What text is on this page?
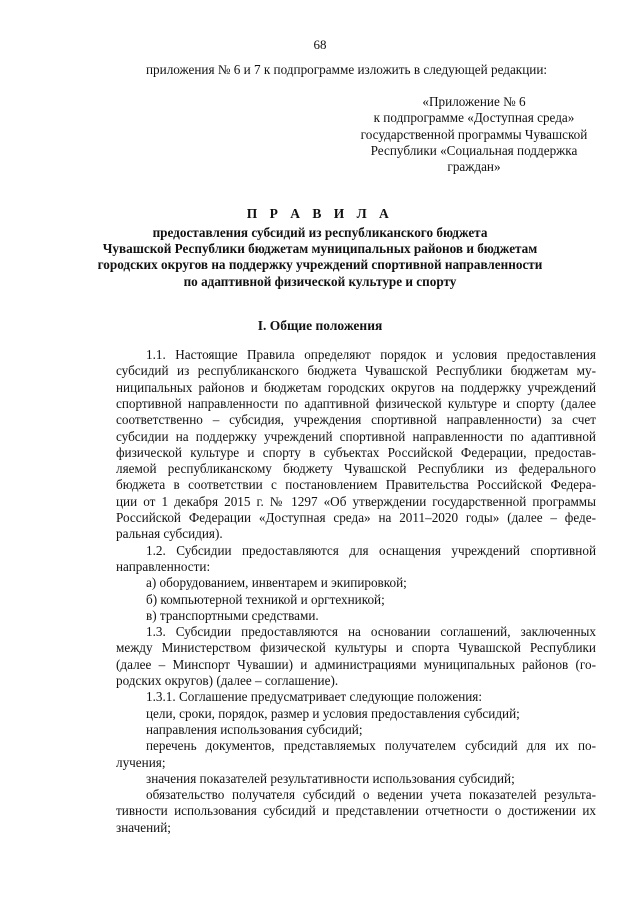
68
приложения № 6 и 7 к подпрограмме изложить в следующей редакции:
«Приложение № 6
к подпрограмме «Доступная среда»
государственной программы Чувашской
Республики «Социальная поддержка
граждан»
П Р А В И Л А
предоставления субсидий из республиканского бюджета
Чувашской Республики бюджетам муниципальных районов и бюджетам
городских округов на поддержку учреждений спортивной направленности
по адаптивной физической культуре и спорту
I. Общие положения
1.1. Настоящие Правила определяют порядок и условия предоставления
субсидий из республиканского бюджета Чувашской Республики бюджетам му-
ниципальных районов и бюджетам городских округов на поддержку учреждений
спортивной направленности по адаптивной физической культуре и спорту (далее
соответственно – субсидия, учреждения спортивной направленности) за счет
субсидии на поддержку учреждений спортивной направленности по адаптивной
физической культуре и спорту в субъектах Российской Федерации, предостав-
ляемой республиканскому бюджету Чувашской Республики из федерального
бюджета в соответствии с постановлением Правительства Российской Федера-
ции от 1 декабря 2015 г. № 1297 «Об утверждении государственной программы
Российской Федерации «Доступная среда» на 2011–2020 годы» (далее – феде-
ральная субсидия).
1.2. Субсидии предоставляются для оснащения учреждений спортивной
направленности:
а) оборудованием, инвентарем и экипировкой;
б) компьютерной техникой и оргтехникой;
в) транспортными средствами.
1.3. Субсидии предоставляются на основании соглашений, заключенных
между Министерством физической культуры и спорта Чувашской Республики
(далее – Минспорт Чувашии) и администрациями муниципальных районов (го-
родских округов) (далее – соглашение).
1.3.1. Соглашение предусматривает следующие положения:
цели, сроки, порядок, размер и условия предоставления субсидий;
направления использования субсидий;
перечень документов, представляемых получателем субсидий для их по-
лучения;
значения показателей результативности использования субсидий;
обязательство получателя субсидий о ведении учета показателей результа-
тивности использования субсидий и представлении отчетности о достижении их
значений;
